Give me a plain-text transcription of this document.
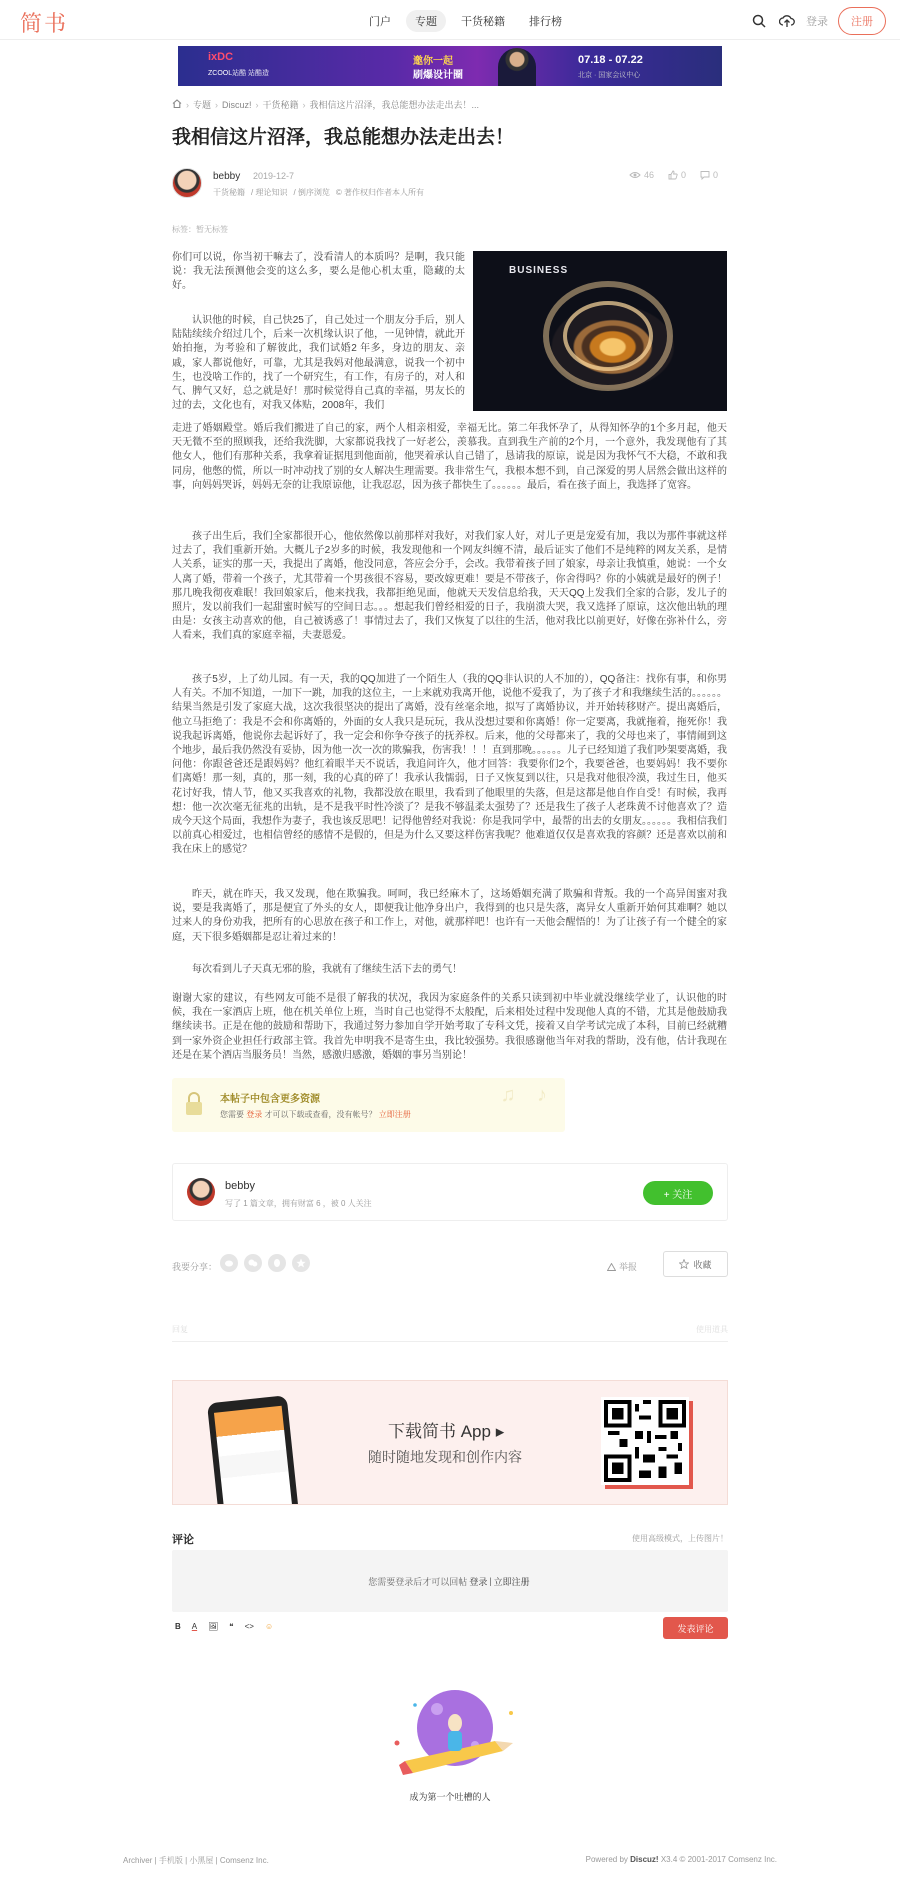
简书	门户	专题	干货秘籍	排行榜	登录	注册
ixDC
ZCOOL站酷 站酷造
邀你一起
刷爆设计圈
07.18 - 07.22
北京 · 国家会议中心
› 专题 › Discuz! › 干货秘籍 › 我相信这片沼泽，我总能想办法走出去！...
我相信这片沼泽，我总能想办法走出去！
bebby 2019-12-7
干货秘籍 / 理论知识 / 倒序浏览 © 著作权归作者本人所有
46	0	0
标签：暂无标签
BUSINESS

你们可以说，你当初干嘛去了，没看清人的本质吗？是啊，我只能说：我无法预测他会变的这么多，要么是他心机太重，隐藏的太好。

认识他的时候，自己快25了，自己处过一个朋友分手后，别人陆陆续续介绍过几个，后来一次机缘认识了他，一见钟情，就此开始拍拖，为考验和了解彼此，我们试婚2 年多，身边的朋友、亲戚，家人都说他好，可靠，尤其是我妈对他最满意，说我一个初中生，也没啥工作的，找了一个研究生，有工作，有房子的，对人和气、脾气又好，总之就是好！那时候觉得自己真的幸福，男友长的过的去，文化也有，对我又体贴，2008年，我们

走进了婚姻殿堂。婚后我们搬进了自己的家，两个人相亲相爱，幸福无比。第二年我怀孕了，从得知怀孕的1个多月起，他天天无微不至的照顾我，还给我洗脚，大家都说我找了一好老公，羡慕我。直到我生产前的2个月，一个意外，我发现他有了其他女人，他们有那种关系，我拿着证据甩到他面前，他哭着承认自己错了，恳请我的原谅，说是因为我怀气不大稳，不敢和我同房，他憋的慌，所以一时冲动找了别的女人解决生理需要。我非常生气，我根本想不到，自己深爱的男人居然会做出这样的事，向妈妈哭诉，妈妈无奈的让我原谅他，让我忍忍，因为孩子都快生了。。。。。。最后，看在孩子面上，我选择了宽容。

孩子出生后，我们全家都很开心，他依然像以前那样对我好，对我们家人好，对儿子更是宠爱有加，我以为那件事就这样过去了，我们重新开始。大概儿子2岁多的时候，我发现他和一个网友纠缠不清，最后证实了他们不是纯粹的网友关系，是情人关系，证实的那一天，我提出了离婚，他没同意，答应会分手，会改。我带着孩子回了娘家，母亲让我慎重，她说：一个女人离了婚，带着一个孩子，尤其带着一个男孩很不容易，要改嫁更难！要是不带孩子，你舍得吗？你的小姨就是最好的例子！那几晚我彻夜难眠！我回娘家后，他来找我，我都拒绝见面，他就天天发信息给我，天天QQ上发我们全家的合影，发儿子的照片，发以前我们一起甜蜜时候写的空间日志。。。想起我们曾经相爱的日子，我崩溃大哭，我又选择了原谅，这次他出轨的理由是：女孩主动喜欢的他，自己被诱惑了！事情过去了，我们又恢复了以往的生活，他对我比以前更好，好像在弥补什么，旁人看来，我们真的家庭幸福，夫妻恩爱。

孩子5岁，上了幼儿园。有一天，我的QQ加进了一个陌生人（我的QQ非认识的人不加的），QQ备注：找你有事，和你男人有关。不加不知道，一加下一跳，加我的这位主，一上来就劝我离开他，说他不爱我了，为了孩子才和我继续生活的。。。。。。结果当然是引发了家庭大战，这次我很坚决的提出了离婚，没有丝毫余地，拟写了离婚协议，并开始转移财产。提出离婚后，他立马拒绝了：我是不会和你离婚的，外面的女人我只是玩玩，我从没想过要和你离婚！你一定要离，我就拖着，拖死你！我说我起诉离婚，他说你去起诉好了，我一定会和你争夺孩子的抚养权。后来，他的父母都来了，我的父母也来了，事情闹到这个地步，最后我仍然没有妥协，因为他一次一次的欺骗我，伤害我！！！直到那晚。。。。。。儿子已经知道了我们吵架要离婚，我问他：你跟爸爸还是跟妈妈？他红着眼半天不说话，我追问许久，他才回答：我要你们2个，我要爸爸，也要妈妈！我不要你们离婚！那一刻，真的，那一刻，我的心真的碎了！我承认我懦弱，日子又恢复到以往，只是我对他很冷漠，我过生日，他买花讨好我，情人节，他又买我喜欢的礼物，我都没放在眼里，我看到了他眼里的失落，但是这都是他自作自受！有时候，我再想：他一次次毫无征兆的出轨，是不是我平时性冷淡了？是我不够温柔太强势了？还是我生了孩子人老珠黄不讨他喜欢了？造成今天这个局面，我想作为妻子，我也该反思吧！记得他曾经对我说：你是我同学中，最帮的出去的女朋友。。。。。。我相信我们以前真心相爱过，也相信曾经的感情不是假的，但是为什么又要这样伤害我呢？他难道仅仅是喜欢我的容颜？还是喜欢以前和我在床上的感觉？

昨天，就在昨天，我又发现，他在欺骗我。呵呵，我已经麻木了，这场婚姻充满了欺骗和背叛。我的一个高异闺蜜对我说，要是我离婚了，那是便宜了外头的女人，即便我让他净身出户，我得到的也只是失落，离异女人重新开始何其难啊？她以过来人的身份劝我，把所有的心思放在孩子和工作上，对他，就那样吧！也许有一天他会醒悟的！为了让孩子有一个健全的家庭，天下很多婚姻都是忍让着过来的！

每次看到儿子天真无邪的脸，我就有了继续生活下去的勇气！

谢谢大家的建议，有些网友可能不是很了解我的状况，我因为家庭条件的关系只读到初中毕业就没继续学业了，认识他的时候，我在一家酒店上班，他在机关单位上班，当时自己也觉得不太般配，后来相处过程中发现他人真的不错，尤其是他鼓励我继续读书。正是在他的鼓励和帮助下，我通过努力参加自学开始考取了专科文凭，接着又自学考试完成了本科，目前已经就糟到一家外资企业担任行政部主管。我首先申明我不是寄生虫，我比较强势。我很感谢他当年对我的帮助，没有他，估计我现在还是在某个酒店当服务员！当然，感激归感激，婚姻的事另当别论！

本帖子中包含更多资源
您需要 登录 才可以下载或查看，没有帐号？ 立即注册
♫ ♪
bebby
写了 1 篇文章，拥有财富 6 ，被 0 人关注
+ 关注
我要分享：	举报	收藏
回复	使用道具
下载简书 App ▸
随时随地发现和创作内容
评论	使用高级模式，上传图片！
您需要登录后才可以回帖 登录 | 立即注册
B A 🖼 ❝ <> ☺	发表评论
成为第一个吐槽的人
Archiver | 手机版 | 小黑屋 | Comsenz Inc.	Powered by Discuz! X3.4 © 2001-2017 Comsenz Inc.
